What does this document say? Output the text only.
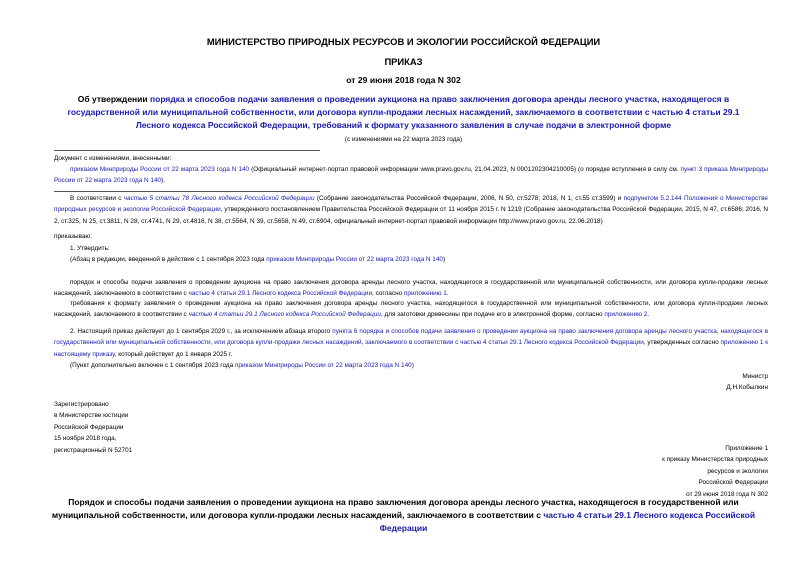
МИНИСТЕРСТВО ПРИРОДНЫХ РЕСУРСОВ И ЭКОЛОГИИ РОССИЙСКОЙ ФЕДЕРАЦИИ
ПРИКАЗ
от 29 июня 2018 года N 302
Об утверждении порядка и способов подачи заявления о проведении аукциона на право заключения договора аренды лесного участка, находящегося в государственной или муниципальной собственности, или договора купли-продажи лесных насаждений, заключаемого в соответствии с частью 4 статьи 29.1 Лесного кодекса Российской Федерации, требований к формату указанного заявления в случае подачи в электронной форме
(с изменениями на 22 марта 2023 года)
Документ с изменениями, внесенными:
приказом Минприроды России от 22 марта 2023 года N 140 (Официальный интернет-портал правовой информации www.pravo.gov.ru, 21.04.2023, N 0001202304210005) (о порядке вступления в силу см. пункт 3 приказа Минприроды России от 22 марта 2023 года N 140).
В соответствии с частью 5 статьи 78 Лесного кодекса Российской Федерации (Собрание законодательства Российской Федерации, 2006, N 50, ст.5278; 2018, N 1, ст.55 ст.3599) и подпунктом 5.2.144 Положения о Министерстве природных ресурсов и экологии Российской Федерации, утвержденного постановлением Правительства Российской Федерации от 11 ноября 2015 г. N 1219 (Собрание законодательства Российской Федерации, 2015, N 47, ст.6586; 2016, N 2, ст.325, N 25, ст.3811, N 28, ст.4741, N 29, ст.4816, N 38, ст.5564, N 39, ст.5658, N 49, ст.6904, официальный интернет-портал правовой информации http://www.pravo.gov.ru, 22.06.2018)
приказываю:
1. Утвердить:
(Абзац в редакции, введенной в действие с 1 сентября 2023 года приказом Минприроды России от 22 марта 2023 года N 140)
порядок и способы подачи заявления о проведении аукциона на право заключения договора аренды лесного участка, находящегося в государственной или муниципальной собственности, или договора купли-продажи лесных насаждений, заключаемого в соответствии с частью 4 статьи 29.1 Лесного кодекса Российской Федерации, согласно приложению 1.
требования к формату заявления о проведении аукциона на право заключения договора аренды лесного участка, находящегося в государственной или муниципальной собственности, или договора купли-продажи лесных насаждений, заключаемого в соответствии с частью 4 статьи 29.1 Лесного кодекса Российской Федерации, для заготовки древесины при подаче его в электронной форме, согласно приложению 2.
2. Настоящий приказ действует до 1 сентября 2029 г., за исключением абзаца второго пункта 6 порядка и способов подачи заявления о проведении аукциона на право заключения договора аренды лесного участка, находящегося в государственной или муниципальной собственности, или договора купли-продажи лесных насаждений, заключаемого в соответствии с частью 4 статьи 29.1 Лесного кодекса Российской Федерации, утвержденных согласно приложению 1 к настоящему приказу, который действует до 1 января 2025 г.
(Пункт дополнительно включен с 1 сентября 2023 года приказом Минприроды России от 22 марта 2023 года N 140)
Министр
Д.Н.Кобылкин
Зарегистрировано
в Министерстве юстиции
Российской Федерации
15 ноября 2018 года,
регистрационный N 52701	Приложение 1
к приказу Министерства природных
ресурсов и экологии
Российской Федерации
от 29 июня 2018 года N 302
Порядок и способы подачи заявления о проведении аукциона на право заключения договора аренды лесного участка, находящегося в государственной или муниципальной собственности, или договора купли-продажи лесных насаждений, заключаемого в соответствии с частью 4 статьи 29.1 Лесного кодекса Российской Федерации
